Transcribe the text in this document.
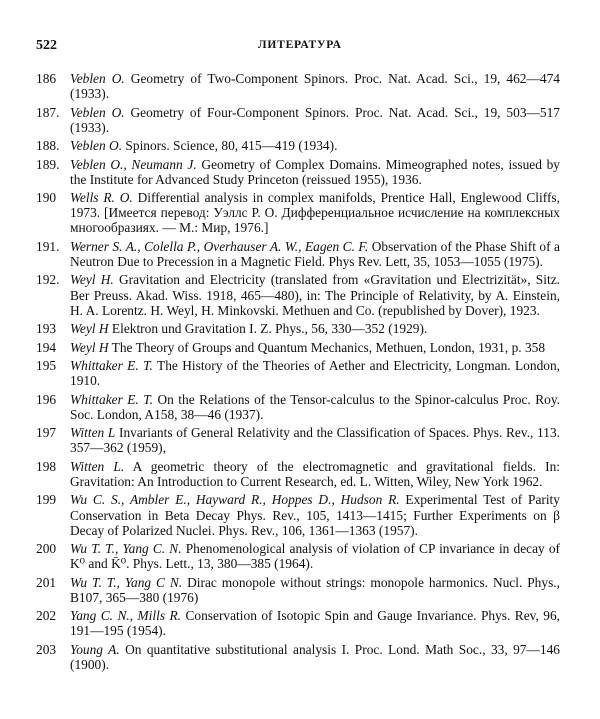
522	ЛИТЕРАТУРА
186	Veblen O. Geometry of Two-Component Spinors. Proc. Nat. Acad. Sci., 19, 462—474 (1933).
187. Veblen O. Geometry of Four-Component Spinors. Proc. Nat. Acad. Sci., 19, 503—517 (1933).
188. Veblen O. Spinors. Science, 80, 415—419 (1934).
189. Veblen O., Neumann J. Geometry of Complex Domains. Mimeographed notes, issued by the Institute for Advanced Study Princeton (reissued 1955), 1936.
190	Wells R. O. Differential analysis in complex manifolds, Prentice Hall, Englewood Cliffs, 1973. [Имеется перевод: Уэллс Р. О. Дифференциальное исчисление на комплексных многообразиях. — М.: Мир, 1976.]
191. Werner S. A., Colella P., Overhauser A. W., Eagen C. F. Observation of the Phase Shift of a Neutron Due to Precession in a Magnetic Field. Phys Rev. Lett, 35, 1053—1055 (1975).
192. Weyl H. Gravitation and Electricity (translated from «Gravitation und Electrizität», Sitz. Ber Preuss. Akad. Wiss. 1918, 465—480), in: The Principle of Relativity, by A. Einstein, H. A. Lorentz. H. Weyl, H. Minkovski. Methuen and Co. (republished by Dover), 1923.
193	Weyl H Elektron und Gravitation I. Z. Phys., 56, 330—352 (1929).
194	Weyl H The Theory of Groups and Quantum Mechanics, Methuen, London, 1931, p. 358
195	Whittaker E. T. The History of the Theories of Aether and Electricity, Longman. London, 1910.
196	Whittaker E. T. On the Relations of the Tensor-calculus to the Spinor-calculus Proc. Roy. Soc. London, A158, 38—46 (1937).
197	Witten L Invariants of General Relativity and the Classification of Spaces. Phys. Rev., 113. 357—362 (1959),
198	Witten L. A geometric theory of the electromagnetic and gravitational fields. In: Gravitation: An Introduction to Current Research, ed. L. Witten, Wiley, New York 1962.
199	Wu C. S., Ambler E., Hayward R., Hoppes D., Hudson R. Experimental Test of Parity Conservation in Beta Decay Phys. Rev., 105, 1413—1415; Further Experiments on β Decay of Polarized Nuclei. Phys. Rev., 106, 1361—1363 (1957).
200	Wu T. T., Yang C. N. Phenomenological analysis of violation of CP invariance in decay of K⁰ and K̄⁰. Phys. Lett., 13, 380—385 (1964).
201	Wu T. T., Yang C N. Dirac monopole without strings: monopole harmonics. Nucl. Phys., B107, 365—380 (1976)
202	Yang C. N., Mills R. Conservation of Isotopic Spin and Gauge Invariance. Phys. Rev, 96, 191—195 (1954).
203	Young A. On quantitative substitutional analysis I. Proc. Lond. Math Soc., 33, 97—146 (1900).
